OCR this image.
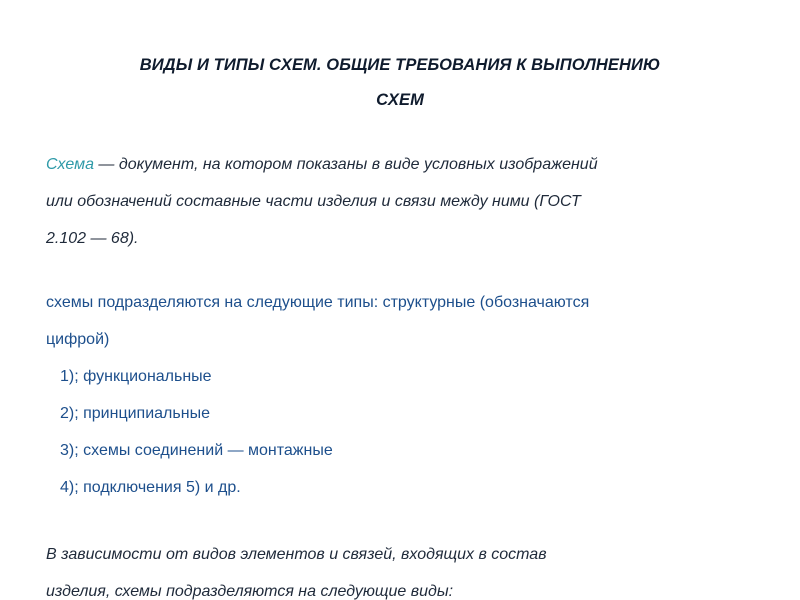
ВИДЫ И ТИПЫ СХЕМ. ОБЩИЕ ТРЕБОВАНИЯ К ВЫПОЛНЕНИЮ
СХЕМ
Схема — документ, на котором показаны в виде условных изображений
или обозначений составные части изделия и связи между ними (ГОСТ
2.102 — 68).
схемы подразделяются на следующие типы: структурные (обозначаются
цифрой)
1); функциональные
2); принципиальные
3); схемы соединений — монтажные
4); подключения 5) и др.
В зависимости от видов элементов и связей, входящих в состав
изделия, схемы подразделяются на следующие виды:
